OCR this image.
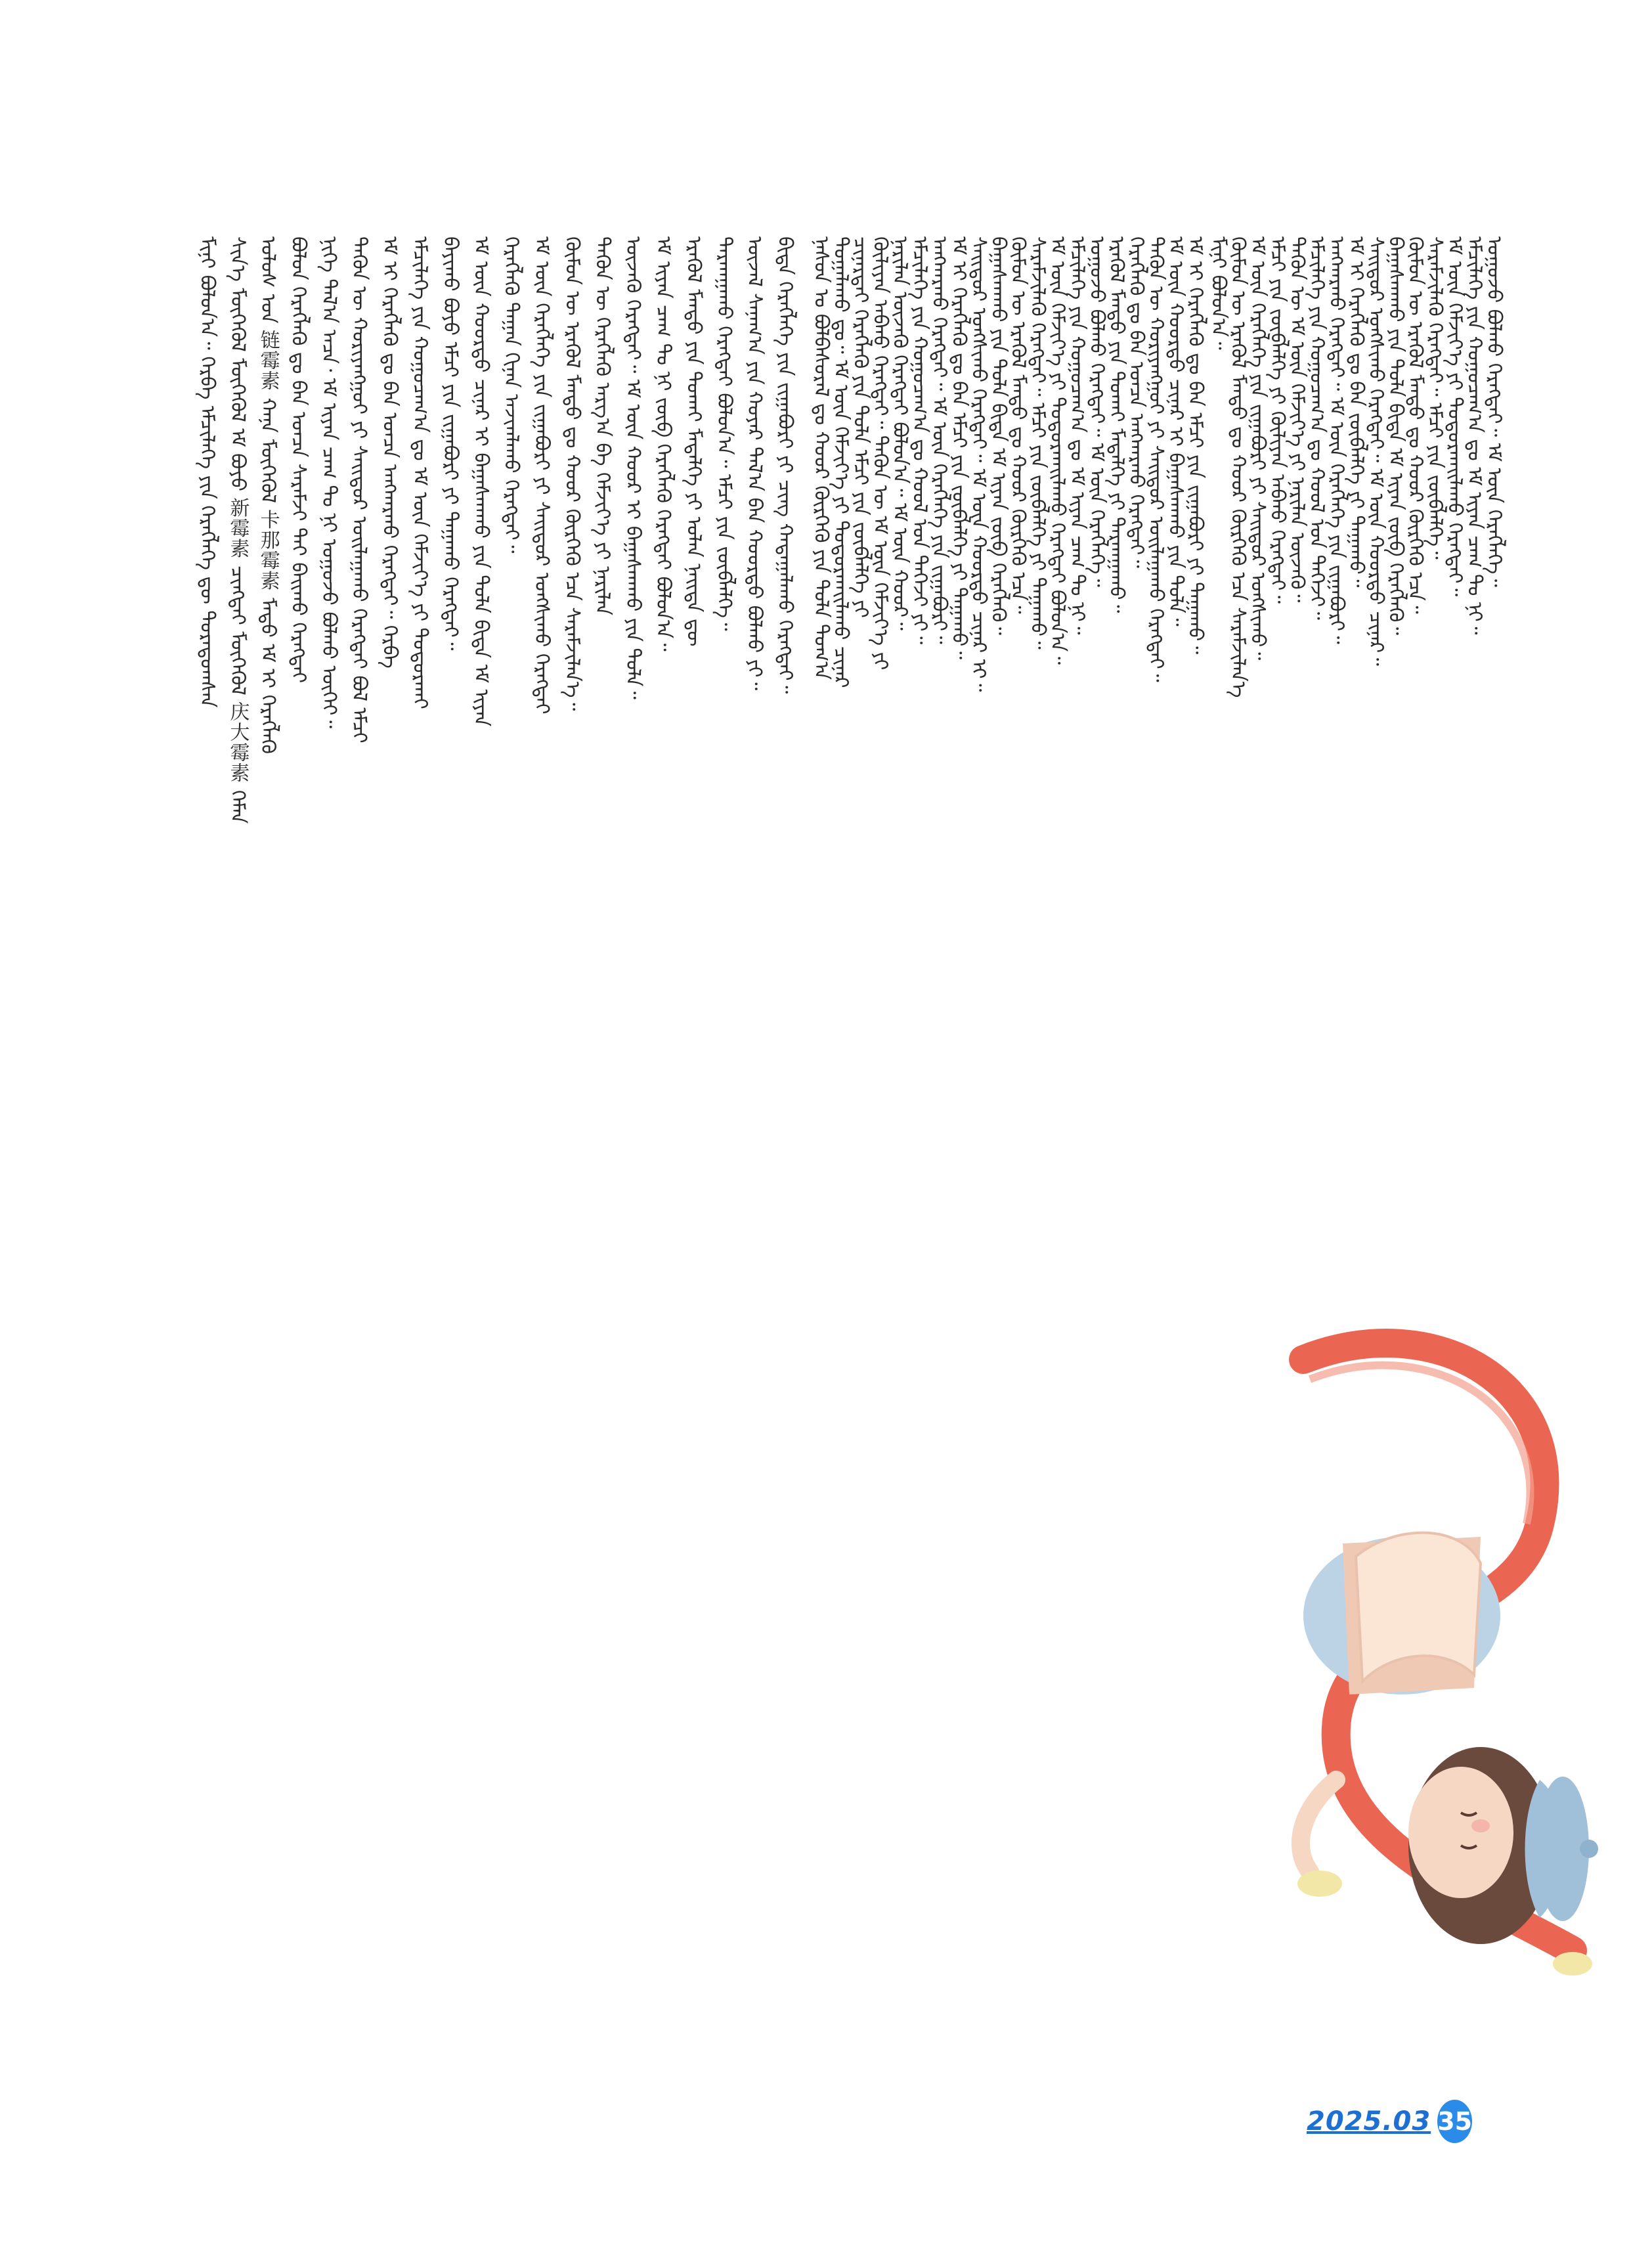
ᠮᠢᠨᠢ ᠪᠤᠯᠤᠨ᠎ᠠ᠃ ᠬᠡᠷᠪᠡ ᠡᠮᠴᠢᠯᠡᠭᠡ ᠶᠢᠨ ᠬᠡᠷᠡᠭᠯᠡᠭᠡ ᠳᠦ ᠳᠤᠷᠠᠳᠤᠭᠰᠠᠨ ᠰᠢᠨ᠎ᠡ ᠮᠥᠭᠡᠭᠦᠯ ᠮᠥᠭᠡᠭᠦᠯ ᠡᠮ ᠪᠤᠶᠤ 新霉素 ᠴᠢᠩᠳᠠᠢ ᠮᠥᠭᠡᠭᠦᠯ 庆大霉素 ᠬᠡᠮᠡᠨ ᠤᠯᠤᠰ ᠤᠨ 链霉素 ᠬᠠᠨᠠ ᠮᠥᠭᠡᠭᠦᠯ 卡那霉素 ᠮᠡᠲᠦ ᠡᠮ ᠢ ᠬᠡᠷᠡᠭᠯᠡᠬᠦ ᠪᠣᠯᠣᠨ ᠬᠡᠷᠡᠭᠯᠡᠬᠦ ᠳᠤ ᠪᠡᠨ ᠣᠨᠴᠠ ᠰᠡᠷᠡᠮᠵᠢ ᠲᠠᠢ ᠪᠠᠢᠬᠤ ᠬᠡᠷᠡᠭᠲᠡᠢ ᠨᠢᠭᠡ ᠲᠠᠯ᠎ᠠ ᠠᠴᠠ᠂ ᠡᠮ ᠢᠶᠡᠨ ᠴᠠᠭ ᠲᠤ ᠨᠢ ᠤᠭᠤᠵᠤ ᠪᠤᠯᠬᠤ ᠦᠭᠡᠢ᠃ ᠲᠡᠭᠦᠨ ᠦ ᠬᠤᠷᠢᠶᠠᠩᠭᠤᠢ ᠶᠢ ᠰᠠᠢᠲᠤᠷ ᠣᠢᠯᠠᠭᠠᠬᠤ ᠬᠡᠷᠡᠭᠲᠡᠢ ᠪᠣᠯ ᠡᠮᠴᠢ ᠡᠮ ᠢ ᠬᠡᠷᠡᠭᠯᠡᠬᠦ ᠳᠤ ᠪᠡᠨ ᠣᠨᠴᠠ ᠠᠩᠬᠠᠷᠬᠤ ᠬᠡᠷᠡᠭᠲᠡᠢ᠃ ᠬᠡᠷᠪᠡ ᠡᠮᠴᠢᠯᠡᠭᠡ ᠶᠢᠨ ᠬᠤᠭᠤᠴᠠᠭ᠎ᠠ ᠳᠤ ᠡᠮ ᠦᠨ ᠬᠡᠮᠵᠢᠶ᠎ᠡ ᠶᠢ ᠲᠣᠳᠣᠷᠬᠠᠶ ᠪᠠᠶᠢᠬᠤ ᠪᠤᠶᠤ ᠡᠮᠴᠢ ᠶᠢᠨ ᠵᠢᠭᠠᠪᠤᠷᠢ ᠶᠢ ᠳᠠᠭᠠᠬᠤ ᠬᠡᠷᠡᠭᠲᠡᠢ᠃ ᠡᠮ ᠦᠨ ᠬᠣᠣᠷᠲᠤ ᠴᠢᠨᠠᠷ ᠢ ᠪᠠᠭᠠᠰᠬᠠᠬᠤ ᠶᠢᠨ ᠲᠤᠯᠠ ᠪᠢᠳᠡ ᠡᠮ ᠢᠶᠡᠨ ᠬᠡᠷᠡᠭᠯᠡᠬᠦ ᠳᠠᠭᠠᠨ ᠬᠢᠨᠠᠨ ᠠᠵᠢᠭᠯᠠᠬᠤ ᠬᠡᠷᠡᠭᠲᠡᠢ᠃ ᠡᠮ ᠦᠨ ᠬᠡᠷᠡᠭᠯᠡᠭᠡ ᠶᠢᠨ ᠵᠢᠭᠠᠪᠤᠷᠢ ᠶᠢ ᠰᠠᠢᠲᠤᠷ ᠤᠩᠰᠢᠬᠤ ᠬᠡᠷᠡᠭᠲᠡᠢ ᠬᠦᠮᠦᠨ ᠦ ᠡᠷᠡᠭᠦᠯ ᠮᠡᠨᠳᠦ ᠳᠤ ᠬᠣᠣᠷ ᠬᠦᠷᠭᠡᠬᠦ ᠡᠴᠡ ᠰᠡᠷᠡᠮᠵᠢᠯᠡᠨ᠎ᠡ᠃ ᠲᠡᠭᠦᠨ ᠦ ᠬᠡᠷᠡᠭᠯᠡᠬᠦ ᠠᠷᠭ᠎ᠠ ᠪᠠ ᠬᠡᠮᠵᠢᠶ᠎ᠡ ᠶᠢ ᠨᠠᠷᠢᠯᠠᠨ ᠦᠵᠡᠬᠦ ᠬᠡᠷᠡᠭᠲᠡᠢ᠃ ᠡᠮ ᠦᠨ ᠬᠣᠣᠷ ᠢ ᠪᠠᠭᠠᠰᠬᠠᠬᠤ ᠶᠢᠨ ᠲᠤᠯᠠ᠃ ᠡᠮ ᠢᠶᠡᠨ ᠴᠠᠭ ᠲᠤ ᠨᠢ ᠵᠥᠪ ᠬᠡᠷᠡᠭᠯᠡᠬᠦ ᠬᠡᠷᠡᠭᠲᠡᠢ ᠪᠣᠯᠣᠨ᠎ᠠ᠃ ᠡᠷᠡᠭᠦᠯ ᠮᠡᠨᠳᠦ ᠶᠢᠨ ᠲᠤᠬᠠᠢ ᠮᠡᠳᠡᠯᠭᠡ ᠶᠢ ᠣᠯᠠᠨ ᠨᠡᠢᠲᠡ ᠳᠦ ᠲᠠᠷᠬᠠᠭᠠᠬᠤ ᠬᠡᠷᠡᠭᠲᠡᠢ ᠪᠣᠯᠣᠨ᠎ᠠ᠃ ᠡᠮᠴᠢ ᠶᠢᠨ ᠵᠥᠪᠯᠡᠯᠭᠡ᠃ ᠦᠵᠡᠯ ᠰᠠᠨᠠᠭ᠎ᠠ ᠶᠢᠨ ᠬᠣᠶᠠᠷ ᠲᠠᠯ᠎ᠠ ᠪᠠᠨ ᠬᠣᠣᠷᠲᠤ ᠪᠣᠯᠬᠤ ᠶᠢ᠃ ᠪᠢᠳᠡ ᠬᠡᠷᠡᠭᠯᠡᠭᠡ ᠶᠢᠨ ᠵᠢᠭᠠᠪᠤᠷᠢ ᠶᠢ ᠴᠢᠩ ᠬᠠᠳᠠᠭᠠᠯᠠᠬᠤ ᠬᠡᠷᠡᠭᠲᠡᠢ᠃ ᠨᠠᠰᠤᠨ ᠤ ᠪᠣᠯᠪᠠᠰᠤᠷᠠᠯ ᠳᠤ ᠬᠣᠣᠷ ᠬᠦᠷᠭᠡᠬᠦ ᠶᠢᠨ ᠲᠤᠯᠠ ᠲᠣᠭ᠎ᠠ
ᠲᠣᠭᠠᠯᠠᠬᠤ ᠳᠤ᠃ ᠡᠮ ᠦᠨ ᠬᠡᠮᠵᠢᠶ᠎ᠡ ᠶᠢ ᠲᠣᠳᠣᠷᠬᠠᠢᠯᠠᠬᠤ ᠴᠢᠨᠠᠷ
ᠴᠢᠨᠠᠷᠲᠠᠢ ᠬᠡᠷᠡᠭᠯᠡᠬᠦ ᠶᠢᠨ ᠲᠤᠯᠠ ᠡᠮᠴᠢ ᠶᠢᠨ ᠵᠥᠪᠯᠡᠯᠭᠡ ᠶᠢ
ᠬᠦᠯᠢᠶᠡᠨ ᠠᠪᠬᠤ ᠬᠡᠷᠡᠭᠲᠡᠢ᠃ ᠲᠡᠭᠦᠨ ᠦ ᠡᠮ ᠦᠨ ᠬᠡᠮᠵᠢᠶ᠎ᠡ ᠶᠢ
ᠨᠠᠷᠢᠯᠠᠨ ᠦᠵᠡᠬᠦ ᠬᠡᠷᠡᠭᠲᠡᠢ ᠪᠣᠯᠣᠨ᠎ᠠ᠃ ᠡᠮ ᠦᠨ ᠬᠣᠣᠷ᠃
ᠡᠮᠴᠢᠯᠡᠭᠡ ᠶᠢᠨ ᠬᠤᠭᠤᠴᠠᠭ᠎ᠠ ᠳᠤ ᠬᠣᠣᠯ ᠤᠨ ᠳᠡᠭᠡᠵᠢ ᠶᠢ᠃
ᠠᠩᠬᠠᠷᠬᠤ ᠬᠡᠷᠡᠭᠲᠡᠢ᠃ ᠡᠮ ᠦᠨ ᠬᠡᠷᠡᠭᠯᠡᠭᠡ ᠶᠢᠨ ᠵᠢᠭᠠᠪᠤᠷᠢ᠃
ᠡᠮ ᠢ ᠬᠡᠷᠡᠭᠯᠡᠬᠦ ᠳᠤ ᠪᠡᠨ ᠡᠮᠴᠢ ᠶᠢᠨ ᠵᠥᠪᠯᠡᠯᠭᠡ ᠶᠢ ᠳᠠᠭᠠᠬᠤ᠃
ᠰᠠᠢᠲᠤᠷ ᠤᠩᠰᠢᠬᠤ ᠬᠡᠷᠡᠭᠲᠡᠢ᠃ ᠡᠮ ᠦᠨ ᠬᠣᠣᠷᠲᠤ ᠴᠢᠨᠠᠷ ᠢ᠃
ᠪᠠᠭᠠᠰᠬᠠᠬᠤ ᠶᠢᠨ ᠲᠤᠯᠠ ᠪᠢᠳᠡ ᠡᠮ ᠢᠶᠡᠨ ᠵᠥᠪ ᠬᠡᠷᠡᠭᠯᠡᠬᠦ᠃
ᠬᠦᠮᠦᠨ ᠦ ᠡᠷᠡᠭᠦᠯ ᠮᠡᠨᠳᠦ ᠳᠤ ᠬᠣᠣᠷ ᠬᠦᠷᠭᠡᠬᠦ ᠡᠴᠡ᠃
ᠰᠡᠷᠡᠮᠵᠢᠯᠡᠬᠦ ᠬᠡᠷᠡᠭᠲᠡᠢ᠃ ᠡᠮᠴᠢ ᠶᠢᠨ ᠵᠥᠪᠯᠡᠯᠭᠡ ᠶᠢ ᠳᠠᠭᠠᠬᠤ᠃
ᠡᠮ ᠦᠨ ᠬᠡᠮᠵᠢᠶ᠎ᠡ ᠶᠢ ᠲᠣᠳᠣᠷᠬᠠᠢᠯᠠᠬᠤ ᠬᠡᠷᠡᠭᠲᠡᠢ ᠪᠣᠯᠣᠨ᠎ᠠ᠃
ᠡᠮᠴᠢᠯᠡᠭᠡ ᠶᠢᠨ ᠬᠤᠭᠤᠴᠠᠭ᠎ᠠ ᠳᠤ ᠡᠮ ᠢᠶᠡᠨ ᠴᠠᠭ ᠲᠤ ᠨᠢ᠃
ᠤᠭᠤᠵᠤ ᠪᠤᠯᠬᠤ ᠬᠡᠷᠡᠭᠲᠡᠢ᠃ ᠡᠮ ᠦᠨ ᠬᠡᠷᠡᠭᠯᠡᠭᠡ᠃
ᠡᠷᠡᠭᠦᠯ ᠮᠡᠨᠳᠦ ᠶᠢᠨ ᠲᠤᠬᠠᠢ ᠮᠡᠳᠡᠯᠭᠡ ᠶᠢ ᠲᠠᠷᠬᠠᠭᠠᠬᠤ᠃
ᠬᠡᠷᠡᠭᠯᠡᠬᠦ ᠳᠤ ᠪᠡᠨ ᠣᠨᠴᠠ ᠠᠩᠬᠠᠷᠬᠤ ᠬᠡᠷᠡᠭᠲᠡᠢ᠃
ᠲᠡᠭᠦᠨ ᠦ ᠬᠤᠷᠢᠶᠠᠩᠭᠤᠢ ᠶᠢ ᠰᠠᠢᠲᠤᠷ ᠣᠢᠯᠠᠭᠠᠬᠤ ᠬᠡᠷᠡᠭᠲᠡᠢ᠃
ᠡᠮ ᠦᠨ ᠬᠣᠣᠷᠲᠤ ᠴᠢᠨᠠᠷ ᠢ ᠪᠠᠭᠠᠰᠬᠠᠬᠤ ᠶᠢᠨ ᠲᠤᠯᠠ᠃
ᠡᠮ ᠢ ᠬᠡᠷᠡᠭᠯᠡᠬᠦ ᠳᠤ ᠪᠡᠨ ᠡᠮᠴᠢ ᠶᠢᠨ ᠵᠢᠭᠠᠪᠤᠷᠢ ᠶᠢ ᠳᠠᠭᠠᠬᠤ᠃ ᠮᠢᠨᠢ ᠪᠤᠯᠤᠨ᠎ᠠ᠃
ᠬᠦᠮᠦᠨ ᠦ ᠡᠷᠡᠭᠦᠯ ᠮᠡᠨᠳᠦ ᠳᠤ ᠬᠣᠣᠷ ᠬᠦᠷᠭᠡᠬᠦ ᠡᠴᠡ ᠰᠡᠷᠡᠮᠵᠢᠯᠡᠨ᠎ᠡ
ᠡᠮ ᠦᠨ ᠬᠡᠷᠡᠭᠯᠡᠭᠡ ᠶᠢᠨ ᠵᠢᠭᠠᠪᠤᠷᠢ ᠶᠢ ᠰᠠᠢᠲᠤᠷ ᠤᠩᠰᠢᠬᠤ᠃
ᠡᠮᠴᠢ ᠶᠢᠨ ᠵᠥᠪᠯᠡᠯᠭᠡ ᠶᠢ ᠬᠦᠯᠢᠶᠡᠨ ᠠᠪᠬᠤ ᠬᠡᠷᠡᠭᠲᠡᠢ᠃
ᠲᠡᠭᠦᠨ ᠦ ᠡᠮ ᠦᠨ ᠬᠡᠮᠵᠢᠶ᠎ᠡ ᠶᠢ ᠨᠠᠷᠢᠯᠠᠨ ᠦᠵᠡᠬᠦ᠃
ᠡᠮᠴᠢᠯᠡᠭᠡ ᠶᠢᠨ ᠬᠤᠭᠤᠴᠠᠭ᠎ᠠ ᠳᠤ ᠬᠣᠣᠯ ᠤᠨ ᠳᠡᠭᠡᠵᠢ᠃
ᠠᠩᠬᠠᠷᠬᠤ ᠬᠡᠷᠡᠭᠲᠡᠢ᠃ ᠡᠮ ᠦᠨ ᠬᠡᠷᠡᠭᠯᠡᠭᠡ ᠶᠢᠨ ᠵᠢᠭᠠᠪᠤᠷᠢ᠃
ᠡᠮ ᠢ ᠬᠡᠷᠡᠭᠯᠡᠬᠦ ᠳᠤ ᠪᠡᠨ ᠵᠥᠪᠯᠡᠯᠭᠡ ᠶᠢ ᠳᠠᠭᠠᠬᠤ᠃
ᠰᠠᠢᠲᠤᠷ ᠤᠩᠰᠢᠬᠤ ᠬᠡᠷᠡᠭᠲᠡᠢ᠃ ᠡᠮ ᠦᠨ ᠬᠣᠣᠷᠲᠤ ᠴᠢᠨᠠᠷ᠃
ᠪᠠᠭᠠᠰᠬᠠᠬᠤ ᠶᠢᠨ ᠲᠤᠯᠠ ᠪᠢᠳᠡ ᠡᠮ ᠢᠶᠡᠨ ᠵᠥᠪ ᠬᠡᠷᠡᠭᠯᠡᠬᠦ᠃
ᠬᠦᠮᠦᠨ ᠦ ᠡᠷᠡᠭᠦᠯ ᠮᠡᠨᠳᠦ ᠳᠤ ᠬᠣᠣᠷ ᠬᠦᠷᠭᠡᠬᠦ ᠡᠴᠡ᠃
ᠰᠡᠷᠡᠮᠵᠢᠯᠡᠬᠦ ᠬᠡᠷᠡᠭᠲᠡᠢ᠃ ᠡᠮᠴᠢ ᠶᠢᠨ ᠵᠥᠪᠯᠡᠯᠭᠡ᠃
ᠡᠮ ᠦᠨ ᠬᠡᠮᠵᠢᠶ᠎ᠡ ᠶᠢ ᠲᠣᠳᠣᠷᠬᠠᠢᠯᠠᠬᠤ ᠬᠡᠷᠡᠭᠲᠡᠢ᠃
ᠡᠮᠴᠢᠯᠡᠭᠡ ᠶᠢᠨ ᠬᠤᠭᠤᠴᠠᠭ᠎ᠠ ᠳᠤ ᠡᠮ ᠢᠶᠡᠨ ᠴᠠᠭ ᠲᠤ ᠨᠢ᠃
ᠤᠭᠤᠵᠤ ᠪᠤᠯᠬᠤ ᠬᠡᠷᠡᠭᠲᠡᠢ᠃ ᠡᠮ ᠦᠨ ᠬᠡᠷᠡᠭᠯᠡᠭᠡ᠃
2025.03 35
